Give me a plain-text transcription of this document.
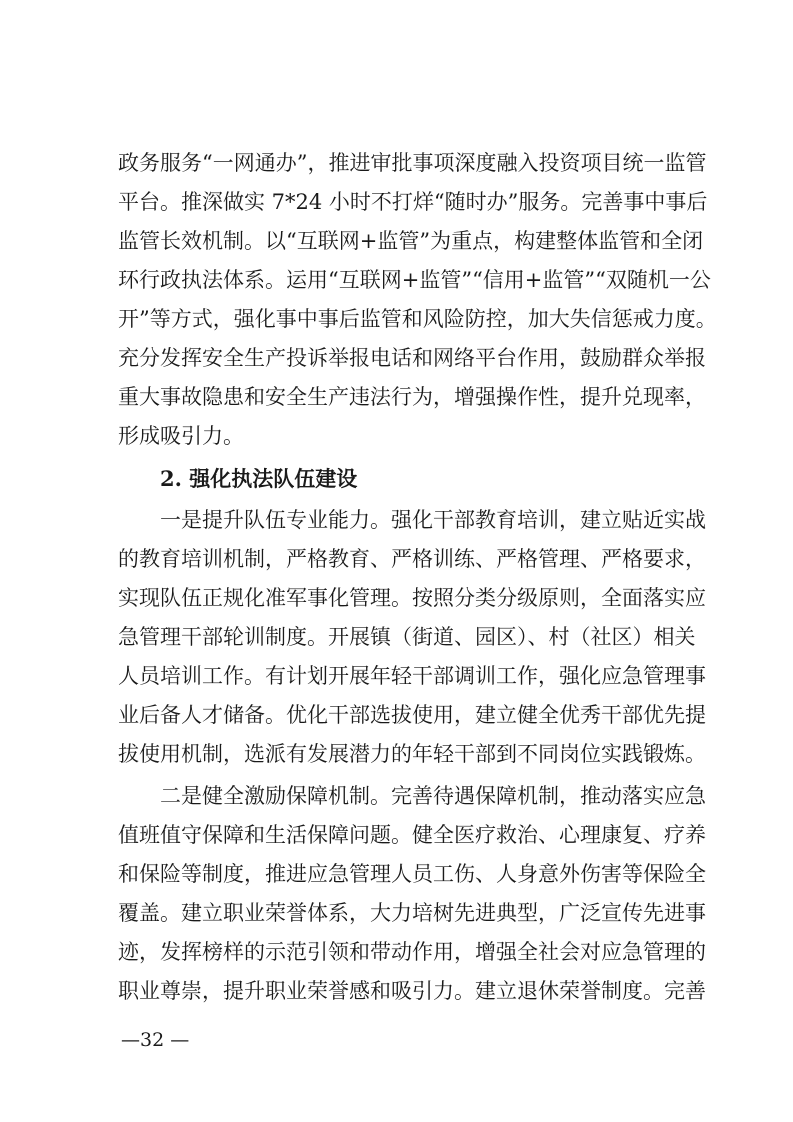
政务服务“一网通办”，推进审批事项深度融入投资项目统一监管
平台。推深做实 7*24 小时不打烊“随时办”服务。完善事中事后
监管长效机制。以“互联网+监管”为重点，构建整体监管和全闭
环行政执法体系。运用“互联网+监管”“信用+监管”“双随机一公
开”等方式，强化事中事后监管和风险防控，加大失信惩戒力度。
充分发挥安全生产投诉举报电话和网络平台作用，鼓励群众举报
重大事故隐患和安全生产违法行为，增强操作性，提升兑现率，
形成吸引力。
2. 强化执法队伍建设
一是提升队伍专业能力。强化干部教育培训，建立贴近实战
的教育培训机制，严格教育、严格训练、严格管理、严格要求，
实现队伍正规化准军事化管理。按照分类分级原则，全面落实应
急管理干部轮训制度。开展镇（街道、园区）、村（社区）相关
人员培训工作。有计划开展年轻干部调训工作，强化应急管理事
业后备人才储备。优化干部选拔使用，建立健全优秀干部优先提
拔使用机制，选派有发展潜力的年轻干部到不同岗位实践锻炼。
二是健全激励保障机制。完善待遇保障机制，推动落实应急
值班值守保障和生活保障问题。健全医疗救治、心理康复、疗养
和保险等制度，推进应急管理人员工伤、人身意外伤害等保险全
覆盖。建立职业荣誉体系，大力培树先进典型，广泛宣传先进事
迹，发挥榜样的示范引领和带动作用，增强全社会对应急管理的
职业尊崇，提升职业荣誉感和吸引力。建立退休荣誉制度。完善
—32 —
